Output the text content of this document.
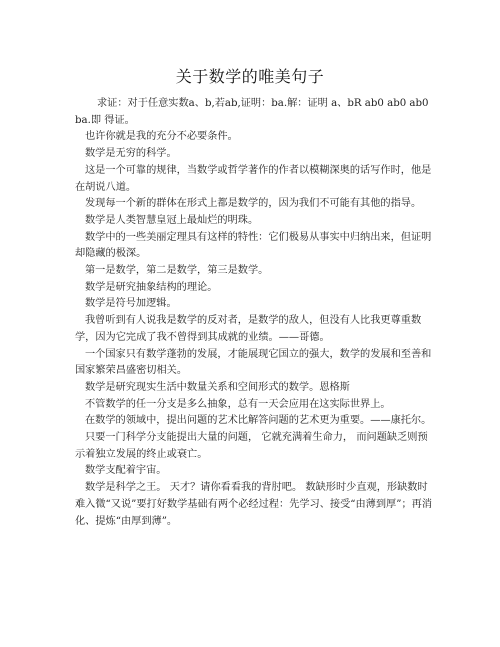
关于数学的唯美句子

求证：对于任意实数a、b,若ab,证明：ba.解：证明 a、bR ab0 ab0 ab0 ba.即 得证。

也许你就是我的充分不必要条件。

数学是无穷的科学。

这是一个可靠的规律，当数学或哲学著作的作者以模糊深奥的话写作时，他是在胡说八道。

发现每一个新的群体在形式上都是数学的，因为我们不可能有其他的指导。

数学是人类智慧皇冠上最灿烂的明珠。

数学中的一些美丽定理具有这样的特性：它们极易从事实中归纳出来，但证明却隐藏的极深。

第一是数学，第二是数学，第三是数学。

数学是研究抽象结构的理论。

数学是符号加逻辑。

我曾听到有人说我是数学的反对者，是数学的敌人，但没有人比我更尊重数学，因为它完成了我不曾得到其成就的业绩。——哥德。

一个国家只有数学蓬勃的发展，才能展现它国立的强大，数学的发展和至善和国家繁荣昌盛密切相关。

数学是研究现实生活中数量关系和空间形式的数学。恩格斯

不管数学的任一分支是多么抽象，总有一天会应用在这实际世界上。

在数学的领域中，提出问题的艺术比解答问题的艺术更为重要。——康托尔。

只要一门科学分支能提出大量的问题， 它就充满着生命力， 而问题缺乏则预示着独立发展的终止或衰亡。

数学支配着宇宙。

数学是科学之王。 天才？请你看看我的背肘吧。 数缺形时少直观，形缺数时难入微“又说”要打好数学基础有两个必经过程：先学习、接受“由薄到厚”；再消化、提炼“由厚到薄”。
